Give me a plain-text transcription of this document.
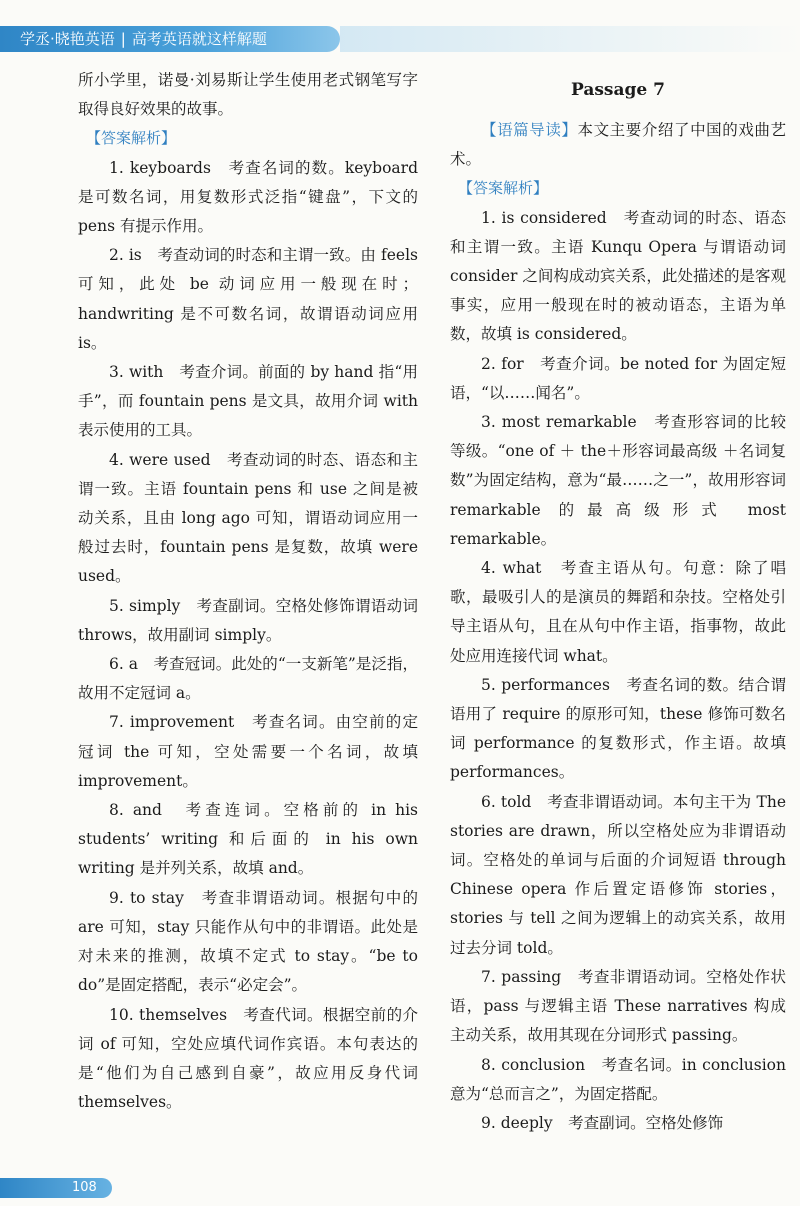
学丞·晓艳英语 | 高考英语就这样解题

所小学里，诺曼·刘易斯让学生使用老式钢笔写字取得良好效果的故事。

【答案解析】

1. keyboards　考查名词的数。keyboard 是可数名词，用复数形式泛指“键盘”，下文的 pens 有提示作用。

2. is　考查动词的时态和主谓一致。由 feels 可知，此处 be 动词应用一般现在时；handwriting 是不可数名词，故谓语动词应用 is。

3. with　考查介词。前面的 by hand 指“用手”，而 fountain pens 是文具，故用介词 with 表示使用的工具。

4. were used　考查动词的时态、语态和主谓一致。主语 fountain pens 和 use 之间是被动关系，且由 long ago 可知，谓语动词应用一般过去时，fountain pens 是复数，故填 were used。

5. simply　考查副词。空格处修饰谓语动词 throws，故用副词 simply。

6. a　考查冠词。此处的“一支新笔”是泛指，故用不定冠词 a。

7. improvement　考查名词。由空前的定冠词 the 可知，空处需要一个名词，故填 improvement。

8. and　考查连词。空格前的 in his students’ writing 和后面的 in his own writing 是并列关系，故填 and。

9. to stay　考查非谓语动词。根据句中的 are 可知，stay 只能作从句中的非谓语。此处是对未来的推测，故填不定式 to stay。“be to do”是固定搭配，表示“必定会”。

10. themselves　考查代词。根据空前的介词 of 可知，空处应填代词作宾语。本句表达的是“他们为自己感到自豪”，故应用反身代词 themselves。

Passage 7

【语篇导读】本文主要介绍了中国的戏曲艺术。

【答案解析】

1. is considered　考查动词的时态、语态和主谓一致。主语 Kunqu Opera 与谓语动词 consider 之间构成动宾关系，此处描述的是客观事实，应用一般现在时的被动语态，主语为单数，故填 is considered。

2. for　考查介词。be noted for 为固定短语，“以……闻名”。

3. most remarkable　考查形容词的比较等级。“one of ＋ the＋形容词最高级 ＋名词复数”为固定结构，意为“最……之一”，故用形容词 remarkable 的最高级形式 most remarkable。

4. what　考查主语从句。句意：除了唱歌，最吸引人的是演员的舞蹈和杂技。空格处引导主语从句，且在从句中作主语，指事物，故此处应用连接代词 what。

5. performances　考查名词的数。结合谓语用了 require 的原形可知，these 修饰可数名词 performance 的复数形式，作主语。故填 performances。

6. told　考查非谓语动词。本句主干为 The stories are drawn，所以空格处应为非谓语动词。空格处的单词与后面的介词短语 through Chinese opera 作后置定语修饰 stories，stories 与 tell 之间为逻辑上的动宾关系，故用过去分词 told。

7. passing　考查非谓语动词。空格处作状语，pass 与逻辑主语 These narratives 构成主动关系，故用其现在分词形式 passing。

8. conclusion　考查名词。in conclusion 意为“总而言之”，为固定搭配。

9. deeply　考查副词。空格处修饰

108
